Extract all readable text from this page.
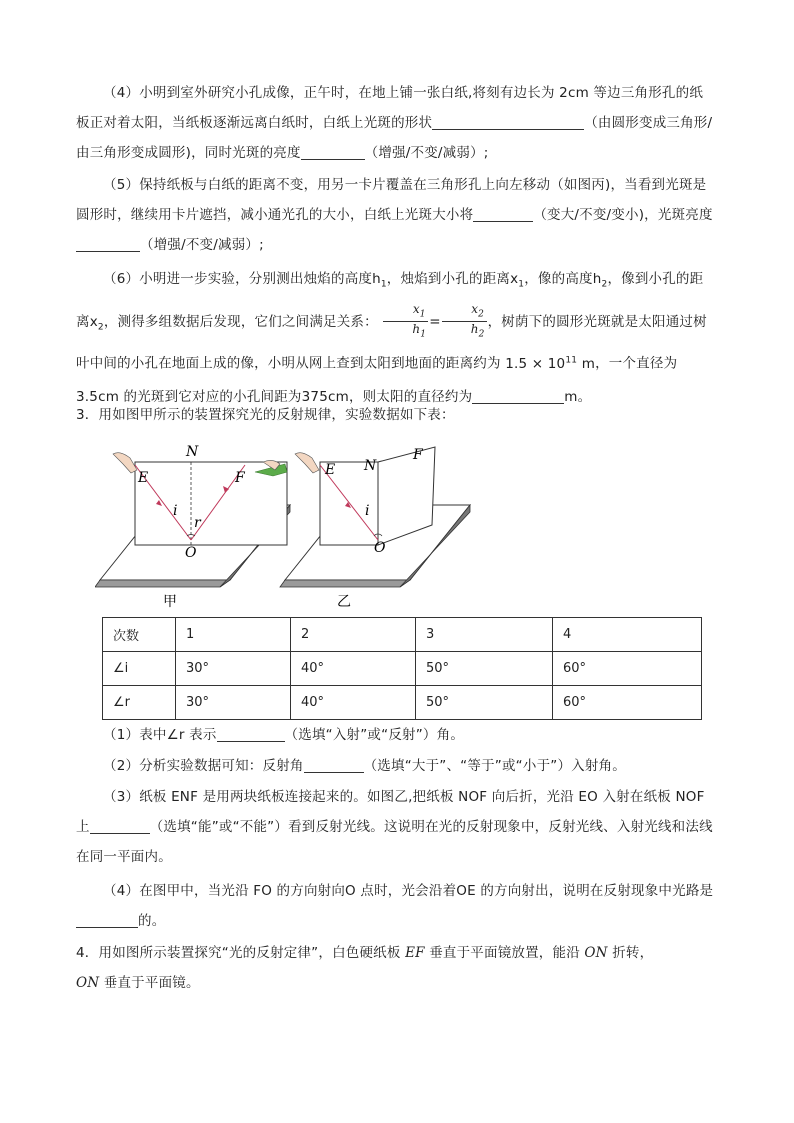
（4）小明到室外研究小孔成像，正午时，在地上铺一张白纸,将刻有边长为 2cm 等边三角形孔的纸板正对着太阳，当纸板逐渐远离白纸时，白纸上光斑的形状	（由圆形变成三角形/由三角形变成圆形)，同时光斑的亮度	（增强/不变/减弱）;
（5）保持纸板与白纸的距离不变，用另一卡片覆盖在三角形孔上向左移动（如图丙)，当看到光斑是圆形时，继续用卡片遮挡，减小通光孔的大小，白纸上光斑大小将	（变大/不变/变小)，光斑亮度（增强/不变/减弱）;
（6）小明进一步实验，分别测出烛焰的高度$h_1$，烛焰到小孔的距离$x_1$，像的高度$h_2$，像到小孔的距离$x_2$，测得多组数据后发现，它们之间满足关系： $\frac{x_1}{h_1} = \frac{x_2}{h_2}$ ，树荫下的圆形光斑就是太阳通过树叶中间的小孔在地面上成的像，小明从网上查到太阳到地面的距离约为 $1.5 \times 10^{11}$ m，一个直径为 3.5cm 的光斑到它对应的小孔间距为375cm，则太阳的直径约为	m。
3．用如图甲所示的装置探究光的反射规律，实验数据如下表：
E
N
F
i
r
O
E N
F
i
O
甲	乙
次数	1	2	3	4
∠i	30°	40°	50°	60°
∠r	30°	40°	50°	60°
（1）表中∠r 表示	（选填“入射”或“反射”）角。
（2）分析实验数据可知：反射角	（选填“大于”、“等于”或“小于”）入射角。
（3）纸板 ENF 是用两块纸板连接起来的。如图乙,把纸板 NOF 向后折，光沿 EO 入射在纸板 NOF 上	（选填“能”或“不能”）看到反射光线。这说明在光的反射现象中，反射光线、入射光线和法线在同一平面内。
（4）在图甲中，当光沿 FO 的方向射向O 点时，光会沿着OE 的方向射出，说明在反射现象中光路是的。
4．用如图所示装置探究“光的反射定律”，白色硬纸板 EF 垂直于平面镜放置，能沿 ON 折转，
ON 垂直于平面镜。
